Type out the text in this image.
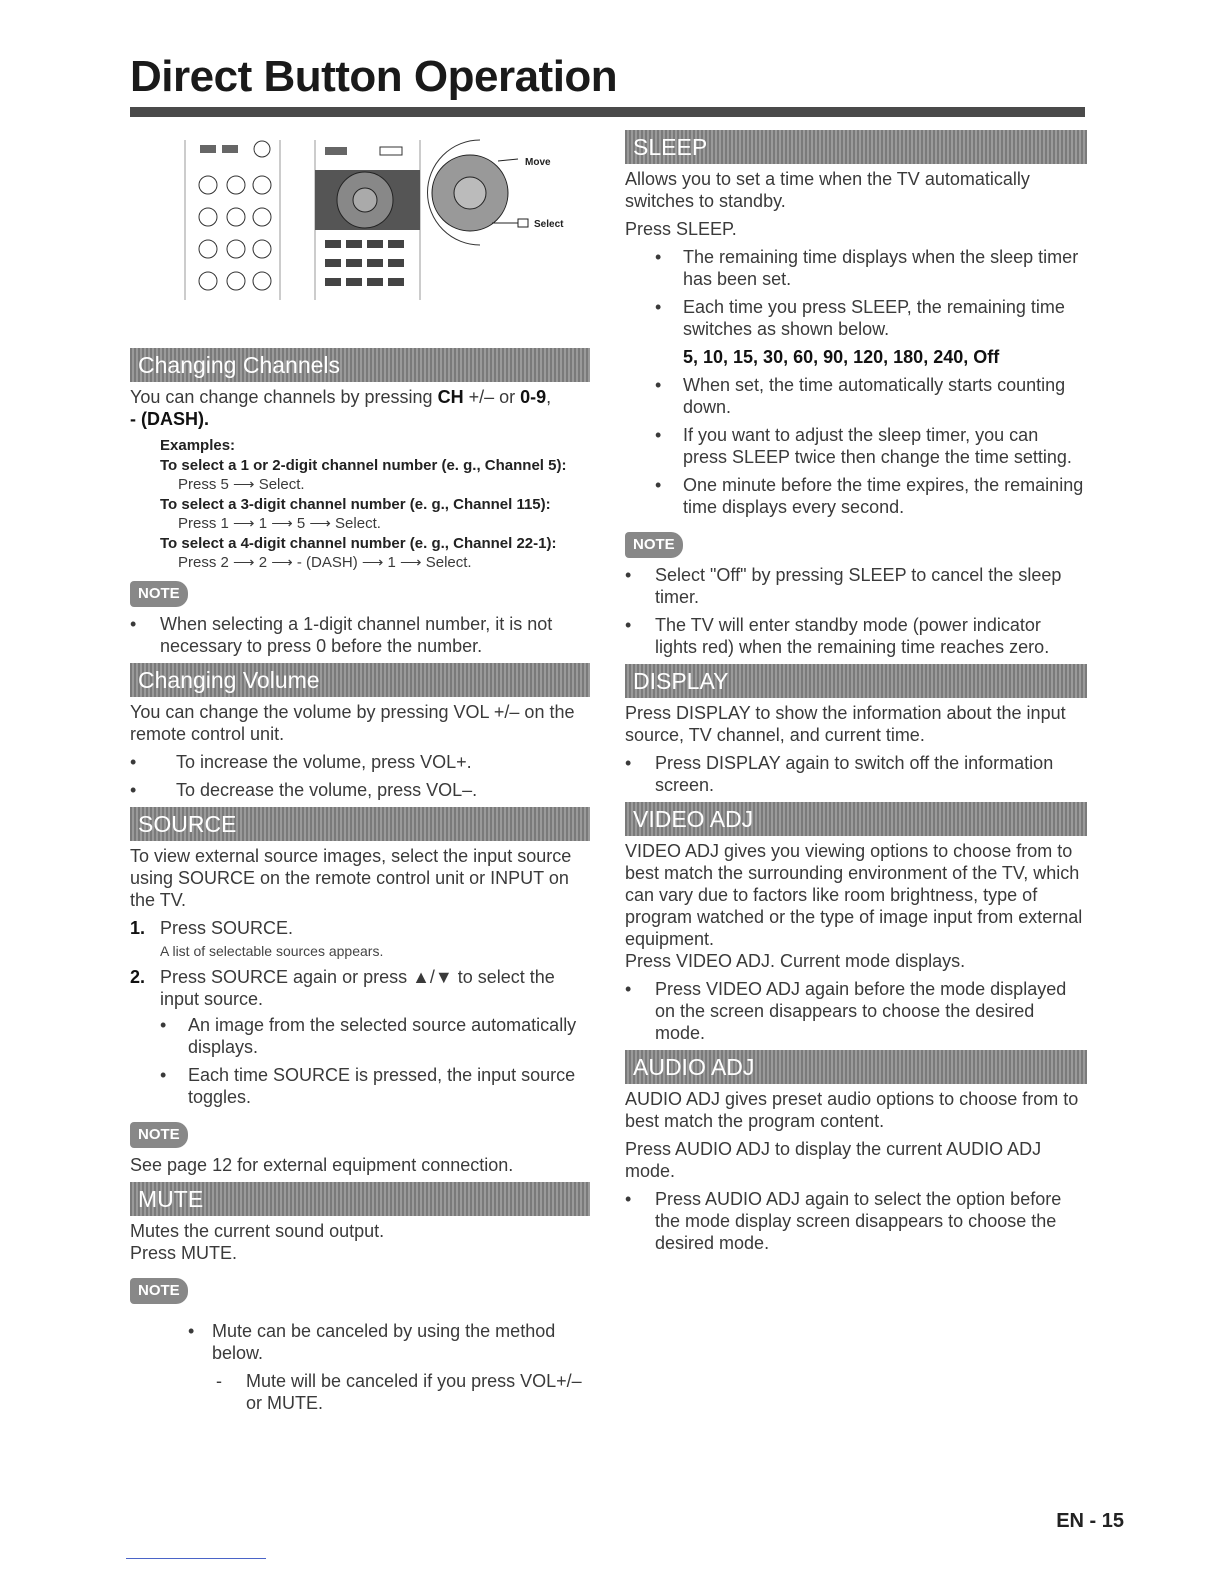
Direct Button Operation
Move
Select
Changing Channels

You can change channels by pressing CH +/– or 0-9,
- (DASH).

Examples:
To select a 1 or 2-digit channel number (e. g., Channel 5):
Press 5 ⟶ Select.
To select a 3-digit channel number (e. g., Channel 115):
Press 1 ⟶ 1 ⟶ 5 ⟶ Select.
To select a 4-digit channel number (e. g., Channel 22-1):
Press 2 ⟶ 2 ⟶ - (DASH) ⟶ 1 ⟶ Select.
NOTE
• When selecting a 1-digit channel number, it is not necessary to press 0 before the number.
Changing Volume

You can change the volume by pressing VOL +/– on the remote control unit.

• To increase the volume, press VOL+.
• To decrease the volume, press VOL–.
SOURCE

To view external source images, select the input source using SOURCE on the remote control unit or INPUT on the TV.

1. Press SOURCE.
A list of selectable sources appears.
2. Press SOURCE again or press ▲/▼ to select the input source.
• An image from the selected source automatically displays.
• Each time SOURCE is pressed, the input source toggles.
NOTE

See page 12 for external equipment connection.

MUTE

Mutes the current sound output.

Press MUTE.

NOTE
• Mute can be canceled by using the method below.
- Mute will be canceled if you press VOL+/– or MUTE.
SLEEP

Allows you to set a time when the TV automatically switches to standby.

Press SLEEP.

• The remaining time displays when the sleep timer has been set.
• Each time you press SLEEP, the remaining time switches as shown below.
5, 10, 15, 30, 60, 90, 120, 180, 240, Off
• When set, the time automatically starts counting down.
• If you want to adjust the sleep timer, you can press SLEEP twice then change the time setting.
• One minute before the time expires, the remaining time displays every second.
NOTE
• Select "Off" by pressing SLEEP to cancel the sleep timer.
• The TV will enter standby mode (power indicator lights red) when the remaining time reaches zero.
DISPLAY

Press DISPLAY to show the information about the input source, TV channel, and current time.

• Press DISPLAY again to switch off the information screen.
VIDEO ADJ

VIDEO ADJ gives you viewing options to choose from to best match the surrounding environment of the TV, which can vary due to factors like room brightness, type of program watched or the type of image input from external equipment.

Press VIDEO ADJ. Current mode displays.

• Press VIDEO ADJ again before the mode displayed on the screen disappears to choose the desired mode.
AUDIO ADJ

AUDIO ADJ gives preset audio options to choose from to best match the program content.

Press AUDIO ADJ to display the current AUDIO ADJ mode.

• Press AUDIO ADJ again to select the option before the mode display screen disappears to choose the desired mode.
EN - 15
